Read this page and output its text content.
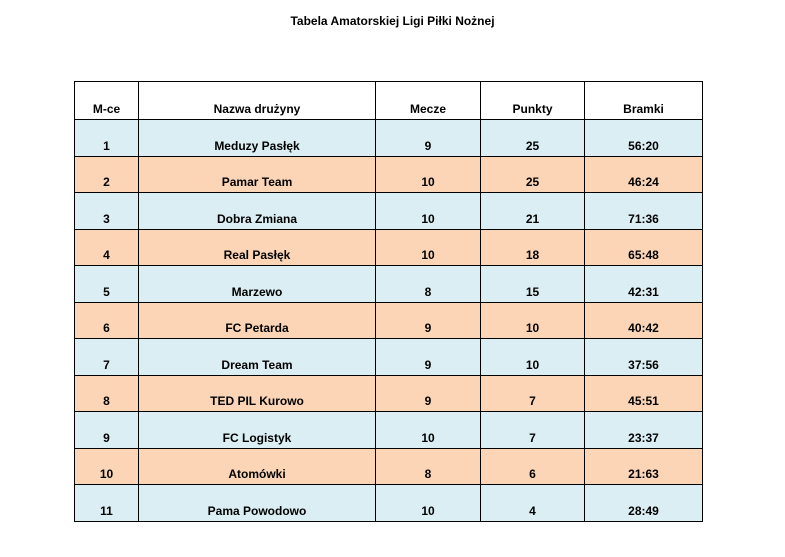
Tabela Amatorskiej Ligi Piłki Nożnej
M-ce	Nazwa drużyny	Mecze	Punkty	Bramki
1	Meduzy Pasłęk	9	25	56:20
2	Pamar Team	10	25	46:24
3	Dobra Zmiana	10	21	71:36
4	Real Pasłęk	10	18	65:48
5	Marzewo	8	15	42:31
6	FC Petarda	9	10	40:42
7	Dream Team	9	10	37:56
8	TED PIL Kurowo	9	7	45:51
9	FC Logistyk	10	7	23:37
10	Atomówki	8	6	21:63
11	Pama Powodowo	10	4	28:49
